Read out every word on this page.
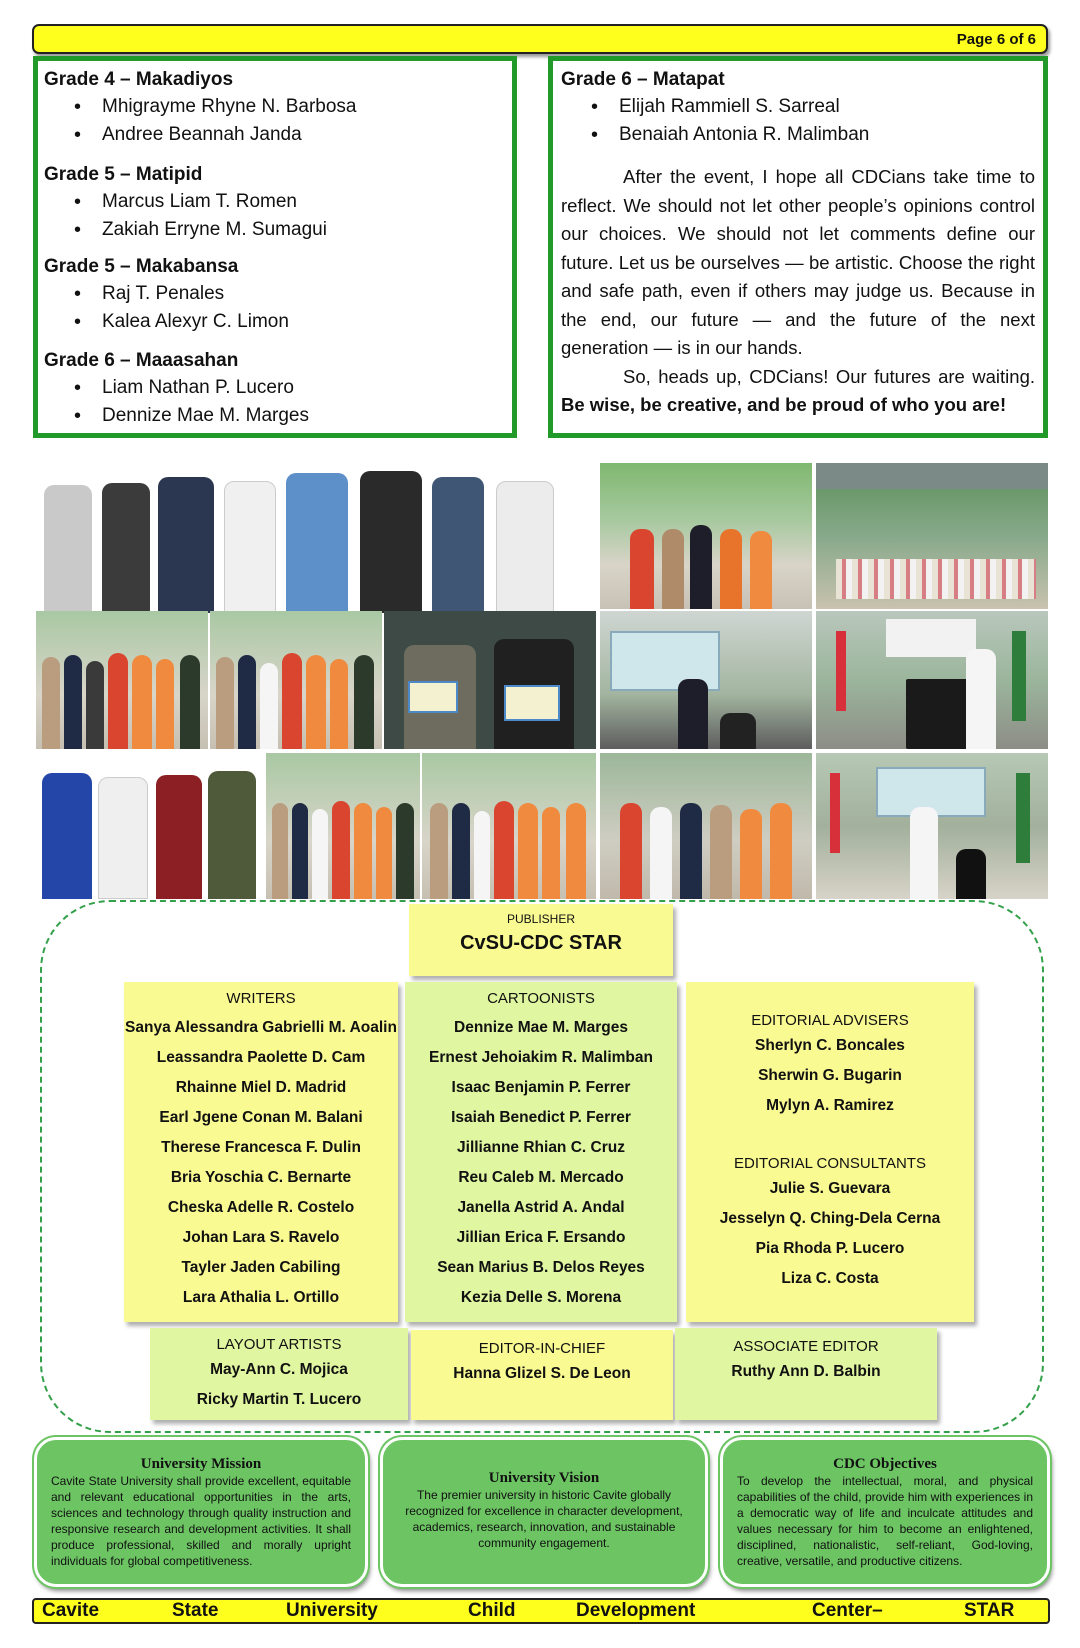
Page 6 of 6
Grade 4 – Makadiyos
• Mhigrayme Rhyne N. Barbosa
• Andree Beannah Janda
Grade 5 – Matipid
• Marcus Liam T. Romen
• Zakiah Erryne M. Sumagui
Grade 5 – Makabansa
• Raj T. Penales
• Kalea Alexyr C. Limon
Grade 6 – Maaasahan
• Liam Nathan P. Lucero
• Dennize Mae M. Marges
Grade 6 – Matapat
• Elijah Rammiell S. Sarreal
• Benaiah Antonia R. Malimban

After the event, I hope all CDCians take time to reflect. We should not let other people’s opinions control our choices. We should not let comments define our future. Let us be ourselves — be artistic. Choose the right and safe path, even if others may judge us. Because in the end, our future — and the future of the next generation — is in our hands.

So, heads up, CDCians! Our futures are waiting. Be wise, be creative, and be proud of who you are!

PUBLISHER
CvSU-CDC STAR
WRITERS
Sanya Alessandra Gabrielli M. Aoalin
Leassandra Paolette D. Cam
Rhainne Miel D. Madrid
Earl Jgene Conan M. Balani
Therese Francesca F. Dulin
Bria Yoschia C. Bernarte
Cheska Adelle R. Costelo
Johan Lara S. Ravelo
Tayler Jaden Cabiling
Lara Athalia L. Ortillo
CARTOONISTS
Dennize Mae M. Marges
Ernest Jehoiakim R. Malimban
Isaac Benjamin P. Ferrer
Isaiah Benedict P. Ferrer
Jillianne Rhian C. Cruz
Reu Caleb M. Mercado
Janella Astrid A. Andal
Jillian Erica F. Ersando
Sean Marius B. Delos Reyes
Kezia Delle S. Morena
EDITORIAL ADVISERS
Sherlyn C. Boncales
Sherwin G. Bugarin
Mylyn A. Ramirez
EDITORIAL CONSULTANTS
Julie S. Guevara
Jesselyn Q. Ching-Dela Cerna
Pia Rhoda P. Lucero
Liza C. Costa
LAYOUT ARTISTS
May-Ann C. Mojica
Ricky Martin T. Lucero
EDITOR-IN-CHIEF
Hanna Glizel S. De Leon
ASSOCIATE EDITOR
Ruthy Ann D. Balbin
University Mission

Cavite State University shall provide excellent, equitable and relevant educational opportunities in the arts, sciences and technology through quality instruction and responsive research and development activities. It shall produce professional, skilled and morally upright individuals for global competitiveness.

University Vision

The premier university in historic Cavite globally recognized for excellence in character development, academics, research, innovation, and sustainable community engagement.

CDC Objectives

To develop the intellectual, moral, and physical capabilities of the child, provide him with experiences in a democratic way of life and inculcate attitudes and values necessary for him to become an enlightened, disciplined, nationalistic, self-reliant, God-loving, creative, versatile, and productive citizens.

Cavite	State	University	Child	Development	Center–	STAR
